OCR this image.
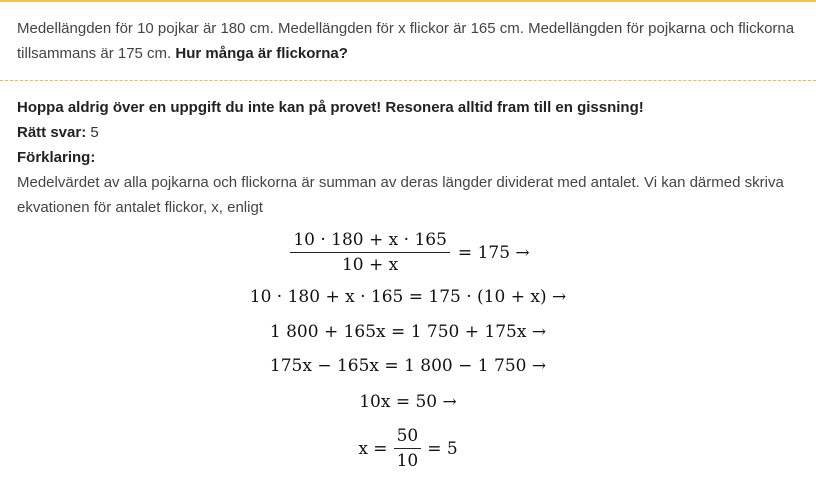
Medellängden för 10 pojkar är 180 cm. Medellängden för x flickor är 165 cm. Medellängden för pojkarna och flickorna tillsammans är 175 cm. Hur många är flickorna?
Hoppa aldrig över en uppgift du inte kan på provet! Resonera alltid fram till en gissning!
Rätt svar: 5
Förklaring:
Medelvärdet av alla pojkarna och flickorna är summan av deras längder dividerat med antalet. Vi kan därmed skriva ekvationen för antalet flickor, x, enligt
$\frac{10 \cdot 180 + x \cdot 165}{10 + x} = 175$ →
10 · 180 + x · 165 = 175 · (10 + x) →
1 800 + 165x = 1 750 + 175x →
175x − 165x = 1 800 − 1 750 →
10x = 50 →
$x = \frac{50}{10} = 5$
